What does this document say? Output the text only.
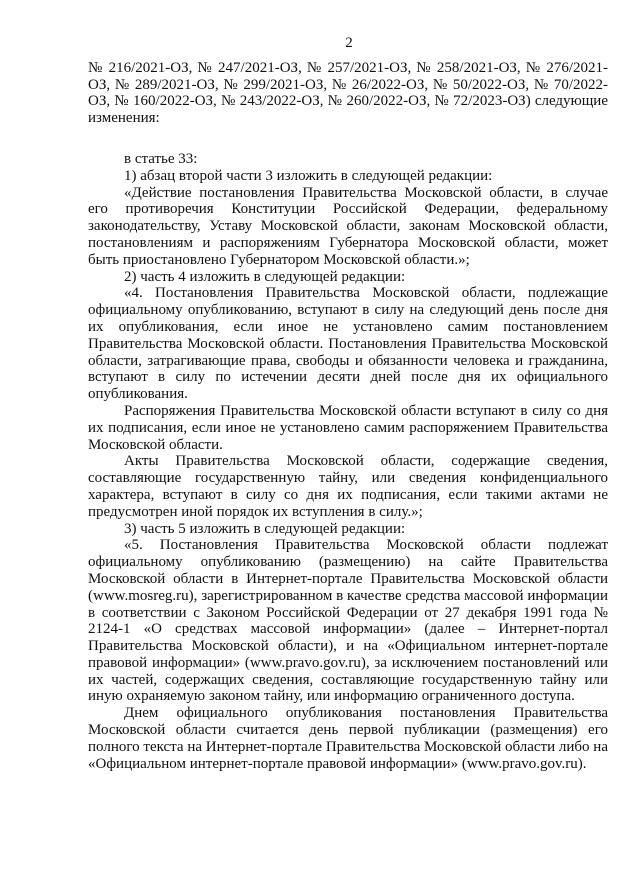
2

№ 216/2021-ОЗ, № 247/2021-ОЗ, № 257/2021-ОЗ, № 258/2021-ОЗ, № 276/2021-ОЗ, № 289/2021-ОЗ, № 299/2021-ОЗ, № 26/2022-ОЗ, № 50/2022-ОЗ, № 70/2022-ОЗ, № 160/2022-ОЗ, № 243/2022-ОЗ, № 260/2022-ОЗ, № 72/2023-ОЗ) следующие изменения:

в статье 33:

1) абзац второй части 3 изложить в следующей редакции:

«Действие постановления Правительства Московской области, в случае его противоречия Конституции Российской Федерации, федеральному законодательству, Уставу Московской области, законам Московской области, постановлениям и распоряжениям Губернатора Московской области, может быть приостановлено Губернатором Московской области.»;

2) часть 4 изложить в следующей редакции:

«4. Постановления Правительства Московской области, подлежащие официальному опубликованию, вступают в силу на следующий день после дня их опубликования, если иное не установлено самим постановлением Правительства Московской области. Постановления Правительства Московской области, затрагивающие права, свободы и обязанности человека и гражданина, вступают в силу по истечении десяти дней после дня их официального опубликования.

Распоряжения Правительства Московской области вступают в силу со дня их подписания, если иное не установлено самим распоряжением Правительства Московской области.

Акты Правительства Московской области, содержащие сведения, составляющие государственную тайну, или сведения конфиденциального характера, вступают в силу со дня их подписания, если такими актами не предусмотрен иной порядок их вступления в силу.»;

3) часть 5 изложить в следующей редакции:

«5. Постановления Правительства Московской области подлежат официальному опубликованию (размещению) на сайте Правительства Московской области в Интернет-портале Правительства Московской области (www.mosreg.ru), зарегистрированном в качестве средства массовой информации в соответствии с Законом Российской Федерации от 27 декабря 1991 года № 2124-1 «О средствах массовой информации» (далее – Интернет-портал Правительства Московской области), и на «Официальном интернет-портале правовой информации» (www.pravo.gov.ru), за исключением постановлений или их частей, содержащих сведения, составляющие государственную тайну или иную охраняемую законом тайну, или информацию ограниченного доступа.

Днем официального опубликования постановления Правительства Московской области считается день первой публикации (размещения) его полного текста на Интернет-портале Правительства Московской области либо на «Официальном интернет-портале правовой информации» (www.pravo.gov.ru).
